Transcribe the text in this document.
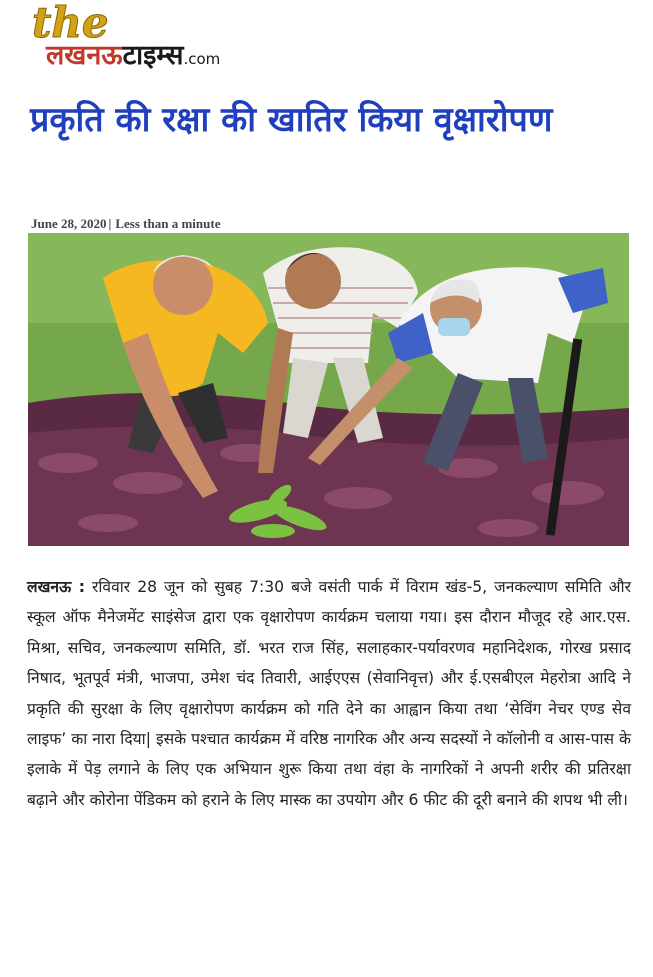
the
लखनऊटाइम्स.com
प्रकृति की रक्षा की खातिर किया वृक्षारोपण
June 28, 2020 | Less than a minute
लखनऊ : रविवार 28 जून को सुबह 7:30 बजे वसंती पार्क में विराम खंड-5, जनकल्याण समिति और स्कूल ऑफ मैनेजमेंट साइंसेज द्वारा एक वृक्षारोपण कार्यक्रम चलाया गया। इस दौरान मौजूद रहे आर.एस. मिश्रा, सचिव, जनकल्याण समिति, डॉ. भरत राज सिंह, सलाहकार-पर्यावरणव महानिदेशक, गोरख प्रसाद निषाद, भूतपूर्व मंत्री, भाजपा, उमेश चंद तिवारी, आईएएस (सेवानिवृत्त) और ई.एसबीएल मेहरोत्रा आदि ने प्रकृति की सुरक्षा के लिए वृक्षारोपण कार्यक्रम को गति देने का आह्वान किया तथा ‘सेविंग नेचर एण्ड सेव लाइफ’ का नारा दिया| इसके पश्चात कार्यक्रम में वरिष्ठ नागरिक और अन्य सदस्यों ने कॉलोनी व आस-पास के इलाके में पेड़ लगाने के लिए एक अभियान शुरू किया तथा वंहा के नागरिकों ने अपनी शरीर की प्रतिरक्षा बढ़ाने और कोरोना पेंडिकम को हराने के लिए मास्क का उपयोग और 6 फीट की दूरी बनाने की शपथ भी ली।
